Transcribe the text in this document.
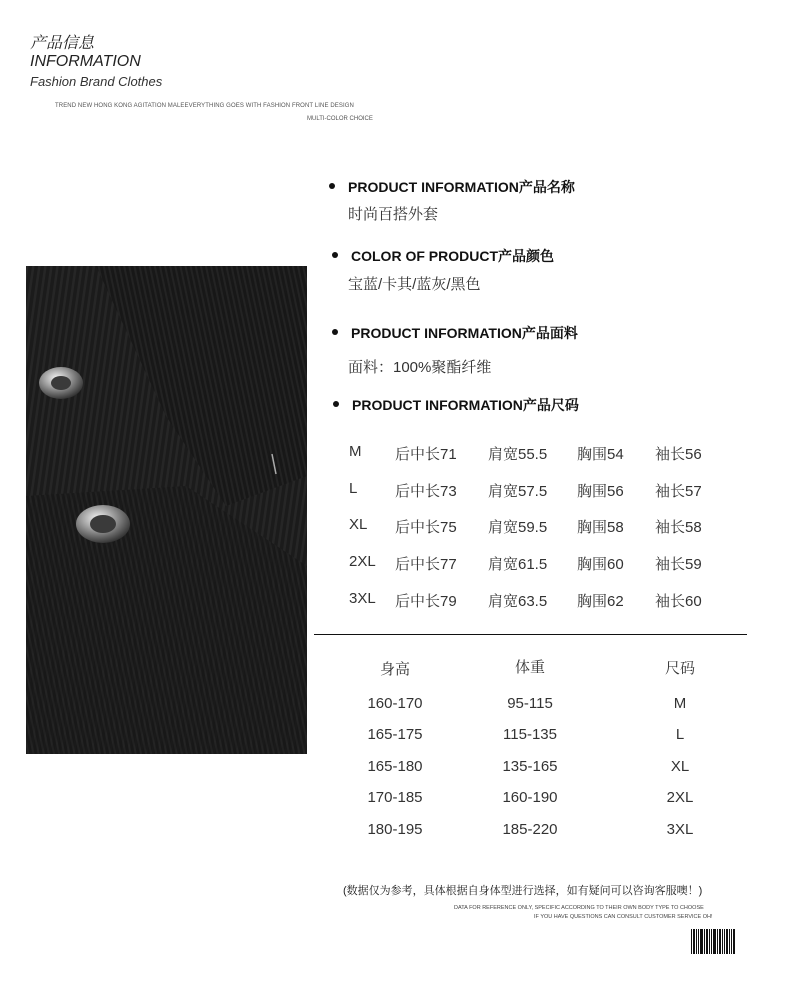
产品信息
INFORMATION
Fashion Brand Clothes
TREND NEW HONG KONG AGITATION MALEEVERYTHING GOES WITH FASHION FRONT LINE DESIGN
MULTI-COLOR CHOICE
PRODUCT INFORMATION产品名称
时尚百搭外套
COLOR OF PRODUCT产品颜色
宝蓝/卡其/蓝灰/黑色
PRODUCT INFORMATION产品面料
面料：100%聚酯纤维
PRODUCT INFORMATION产品尺码
M 后中长71 肩宽55.5 胸围54 袖长56
L	后中长73 肩宽57.5 胸围56 袖长57
XL 后中长75 肩宽59.5 胸围58 袖长58
2XL 后中长77 肩宽61.5 胸围60 袖长59
3XL 后中长79 肩宽63.5 胸围62 袖长60
身高	体重	尺码
160-170	95-115	M
165-175	115-135	L
165-180	135-165	XL
170-185	160-190	2XL
180-195	185-220	3XL
(数据仅为参考，具体根据自身体型进行选择，如有疑问可以咨询客服噢！)
DATA FOR REFERENCE ONLY, SPECIFIC ACCORDING TO THEIR OWN BODY TYPE TO CHOOSE
IF YOU HAVE QUESTIONS CAN CONSULT CUSTOMER SERVICE OH!
